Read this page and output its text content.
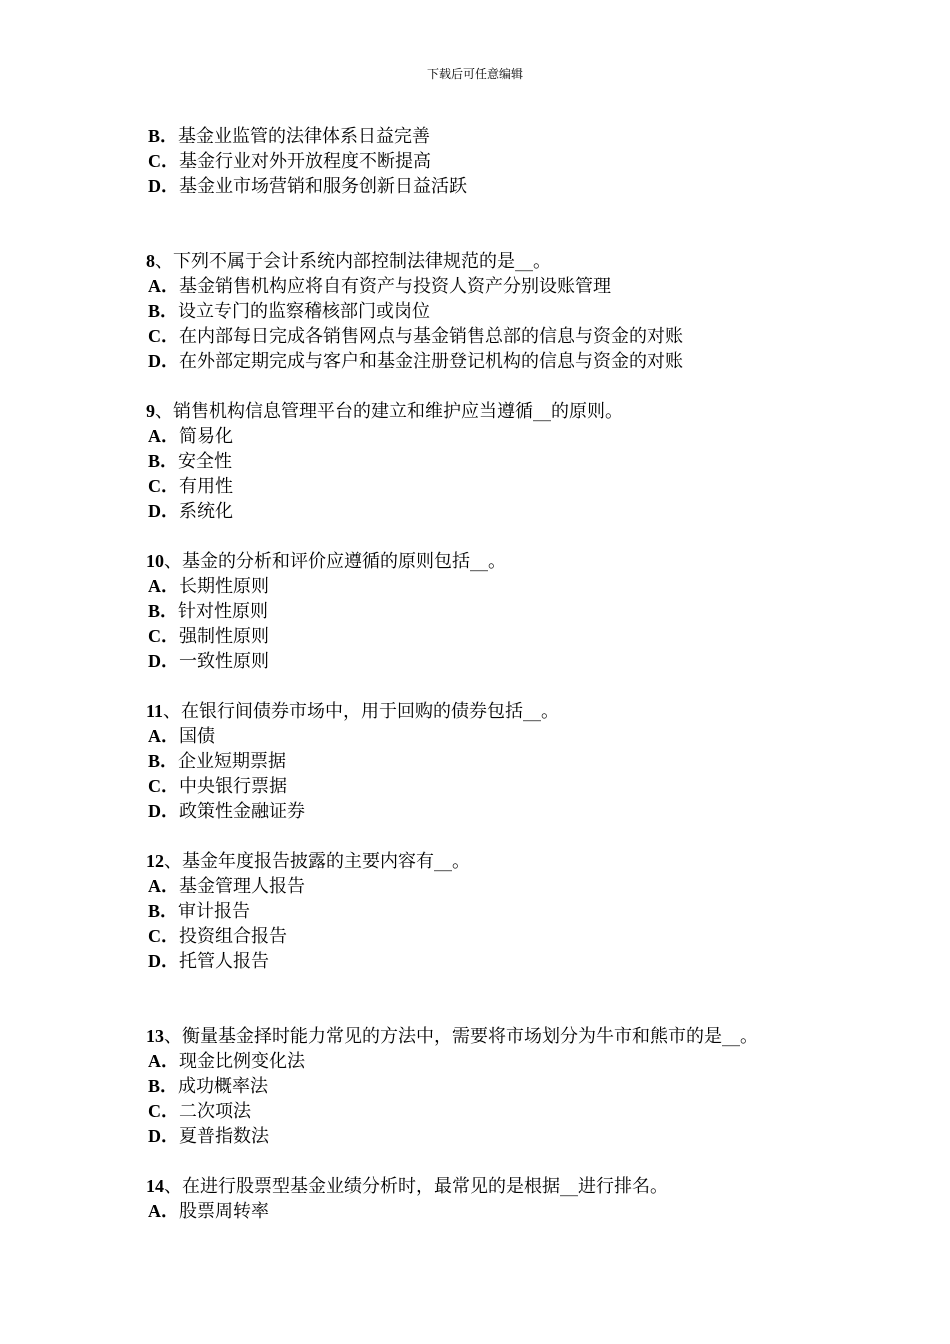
下载后可任意编辑
B．基金业监管的法律体系日益完善
C．基金行业对外开放程度不断提高
D．基金业市场营销和服务创新日益活跃
8、下列不属于会计系统内部控制法律规范的是__。
A．基金销售机构应将自有资产与投资人资产分别设账管理
B．设立专门的监察稽核部门或岗位
C．在内部每日完成各销售网点与基金销售总部的信息与资金的对账
D．在外部定期完成与客户和基金注册登记机构的信息与资金的对账
9、销售机构信息管理平台的建立和维护应当遵循__的原则。
A．简易化
B．安全性
C．有用性
D．系统化
10、基金的分析和评价应遵循的原则包括__。
A．长期性原则
B．针对性原则
C．强制性原则
D．一致性原则
11、在银行间债券市场中，用于回购的债券包括__。
A．国债
B．企业短期票据
C．中央银行票据
D．政策性金融证券
12、基金年度报告披露的主要内容有__。
A．基金管理人报告
B．审计报告
C．投资组合报告
D．托管人报告
13、衡量基金择时能力常见的方法中，需要将市场划分为牛市和熊市的是__。
A．现金比例变化法
B．成功概率法
C．二次项法
D．夏普指数法
14、在进行股票型基金业绩分析时，最常见的是根据__进行排名。
A．股票周转率
